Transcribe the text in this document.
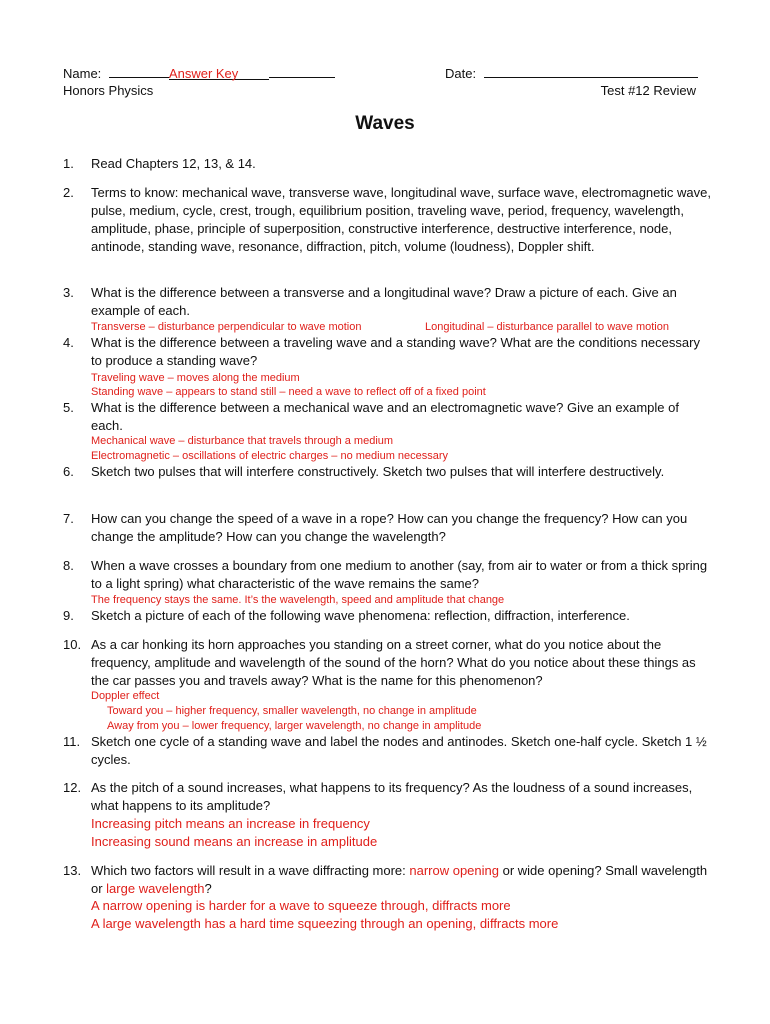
Name:	Answer Key
Honors Physics
Date:
Test #12 Review
Waves
1. Read Chapters 12, 13, & 14.
2. Terms to know: mechanical wave, transverse wave, longitudinal wave, surface wave, electromagnetic wave, pulse, medium, cycle, crest, trough, equilibrium position, traveling wave, period, frequency, wavelength, amplitude, phase, principle of superposition, constructive interference, destructive interference, node, antinode, standing wave, resonance, diffraction, pitch, volume (loudness), Doppler shift.
3. What is the difference between a transverse and a longitudinal wave? Draw a picture of each. Give an example of each.
Transverse – disturbance perpendicular to wave motion	Longitudinal – disturbance parallel to wave motion
4. What is the difference between a traveling wave and a standing wave? What are the conditions necessary to produce a standing wave?
Traveling wave – moves along the medium
Standing wave – appears to stand still – need a wave to reflect off of a fixed point
5. What is the difference between a mechanical wave and an electromagnetic wave? Give an example of each.
Mechanical wave – disturbance that travels through a medium
Electromagnetic – oscillations of electric charges – no medium necessary
6. Sketch two pulses that will interfere constructively. Sketch two pulses that will interfere destructively.
7. How can you change the speed of a wave in a rope? How can you change the frequency? How can you change the amplitude? How can you change the wavelength?
8. When a wave crosses a boundary from one medium to another (say, from air to water or from a thick spring to a light spring) what characteristic of the wave remains the same?
The frequency stays the same. It’s the wavelength, speed and amplitude that change
9. Sketch a picture of each of the following wave phenomena: reflection, diffraction, interference.
10. As a car honking its horn approaches you standing on a street corner, what do you notice about the frequency, amplitude and wavelength of the sound of the horn? What do you notice about these things as the car passes you and travels away? What is the name for this phenomenon?
Doppler effect
Toward you – higher frequency, smaller wavelength, no change in amplitude
Away from you – lower frequency, larger wavelength, no change in amplitude
11. Sketch one cycle of a standing wave and label the nodes and antinodes. Sketch one-half cycle. Sketch 1 ½ cycles.
12. As the pitch of a sound increases, what happens to its frequency? As the loudness of a sound increases, what happens to its amplitude?
Increasing pitch means an increase in frequency
Increasing sound means an increase in amplitude
13. Which two factors will result in a wave diffracting more: narrow opening or wide opening? Small wavelength or large wavelength?
A narrow opening is harder for a wave to squeeze through, diffracts more
A large wavelength has a hard time squeezing through an opening, diffracts more
